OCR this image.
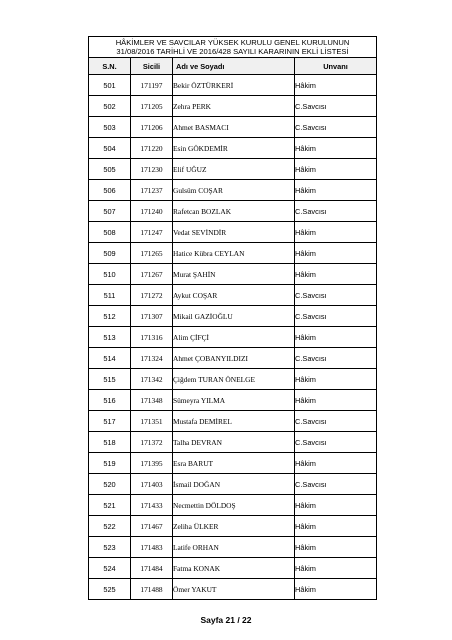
HÂKİMLER VE SAVCILAR YÜKSEK KURULU GENEL KURULUNUN
31/08/2016 TARİHLİ VE 2016/428 SAYILI KARARININ EKLİ LİSTESİ			

S.N.	Sicili	Adı ve Soyadı	Unvanı
501	171197	Bekir ÖZTÜRKERİ	Hâkim
502	171205	Zehra PERK	C.Savcısı
503	171206	Ahmet BASMACI	C.Savcısı
504	171220	Esin GÖKDEMİR	Hâkim
505	171230	Elif UĞUZ	Hâkim
506	171237	Gulsüm COŞAR	Hâkim
507	171240	Rafetcan BOZLAK	C.Savcısı
508	171247	Vedat SEVİNDİR	Hâkim
509	171265	Hatice Kübra CEYLAN	Hâkim
510	171267	Murat ŞAHİN	Hâkim
511	171272	Aykut COŞAR	C.Savcısı
512	171307	Mikail GAZİOĞLU	C.Savcısı
513	171316	Alim ÇİFÇİ	Hâkim
514	171324	Ahmet ÇOBANYILDIZI	C.Savcısı
515	171342	Çiğdem TURAN ÖNELGE	Hâkim
516	171348	Sümeyra YILMA	Hâkim
517	171351	Mustafa DEMİREL	C.Savcısı
518	171372	Talha DEVRAN	C.Savcısı
519	171395	Esra BARUT	Hâkim
520	171403	İsmail DOĞAN	C.Savcısı
521	171433	Necmettin DÖLDOŞ	Hâkim
522	171467	Zeliha ÜLKER	Hâkim
523	171483	Latife ORHAN	Hâkim
524	171484	Fatma KONAK	Hâkim
525	171488	Ömer YAKUT	Hâkim
Sayfa 21 / 22
